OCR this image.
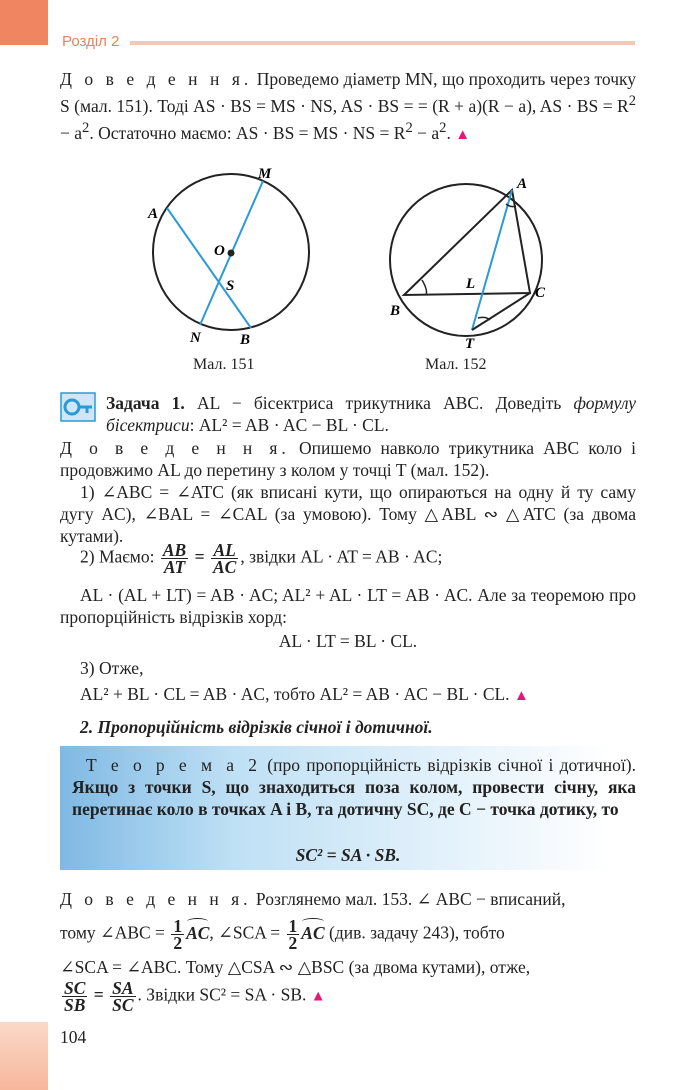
Розділ 2
Д о в е д е н н я. Проведемо діаметр MN, що проходить через точку S (мал. 151). Тоді AS · BS = MS · NS, AS · BS = = (R + a)(R − a), AS · BS = $R^2 - a^2$. Остаточно маємо: AS · BS = MS · NS = $R^2 - a^2$. ▲
A
M
O
S
N	B
Мал. 151
A
L
B
C
T
Мал. 152
Задача 1. AL − бісектриса трикутника ABC. Доведіть формулу бісектриси: AL² = AB · AC − BL · CL.
Д о в е д е н н я. Опишемо навколо трикутника ABC коло і продовжимо AL до перетину з колом у точці T (мал. 152).
1) ∠ABC = ∠ATC (як вписані кути, що опираються на одну й ту саму дугу AC), ∠BAL = ∠CAL (за умовою). Тому △ABL ∾ △ATC (за двома кутами).
2) Маємо: $\frac{AB}{AT} = \frac{AL}{AC}$ , звідки AL · AT = AB · AC;
AL · (AL + LT) = AB · AC; AL² + AL · LT = AB · AC. Але за теоремою про пропорційність відрізків хорд:
AL · LT = BL · CL.
3) Отже,
AL² + BL · CL = AB · AC, тобто AL² = AB · AC − BL · CL. ▲
2. Пропорційність відрізків січної і дотичної.
Т е о р е м а 2 (про пропорційність відрізків січної і дотичної). Якщо з точки S, що знаходиться поза колом, провести січну, яка перетинає коло в точках A і B, та дотичну SC, де C − точка дотику, то
SC² = SA · SB.
Д о в е д е н н я. Розглянемо мал. 153. ∠ ABC − вписаний,
тому ∠ABC = $\frac{1}{2}$ AC, ∠SCA = $\frac{1}{2}$ AC (див. задачу 243), тобто
∠SCA = ∠ABC. Тому △CSA ∾ △BSC (за двома кутами), отже,
$\frac{SC}{SB} = \frac{SA}{SC}$ . Звідки SC² = SA · SB. ▲
104
